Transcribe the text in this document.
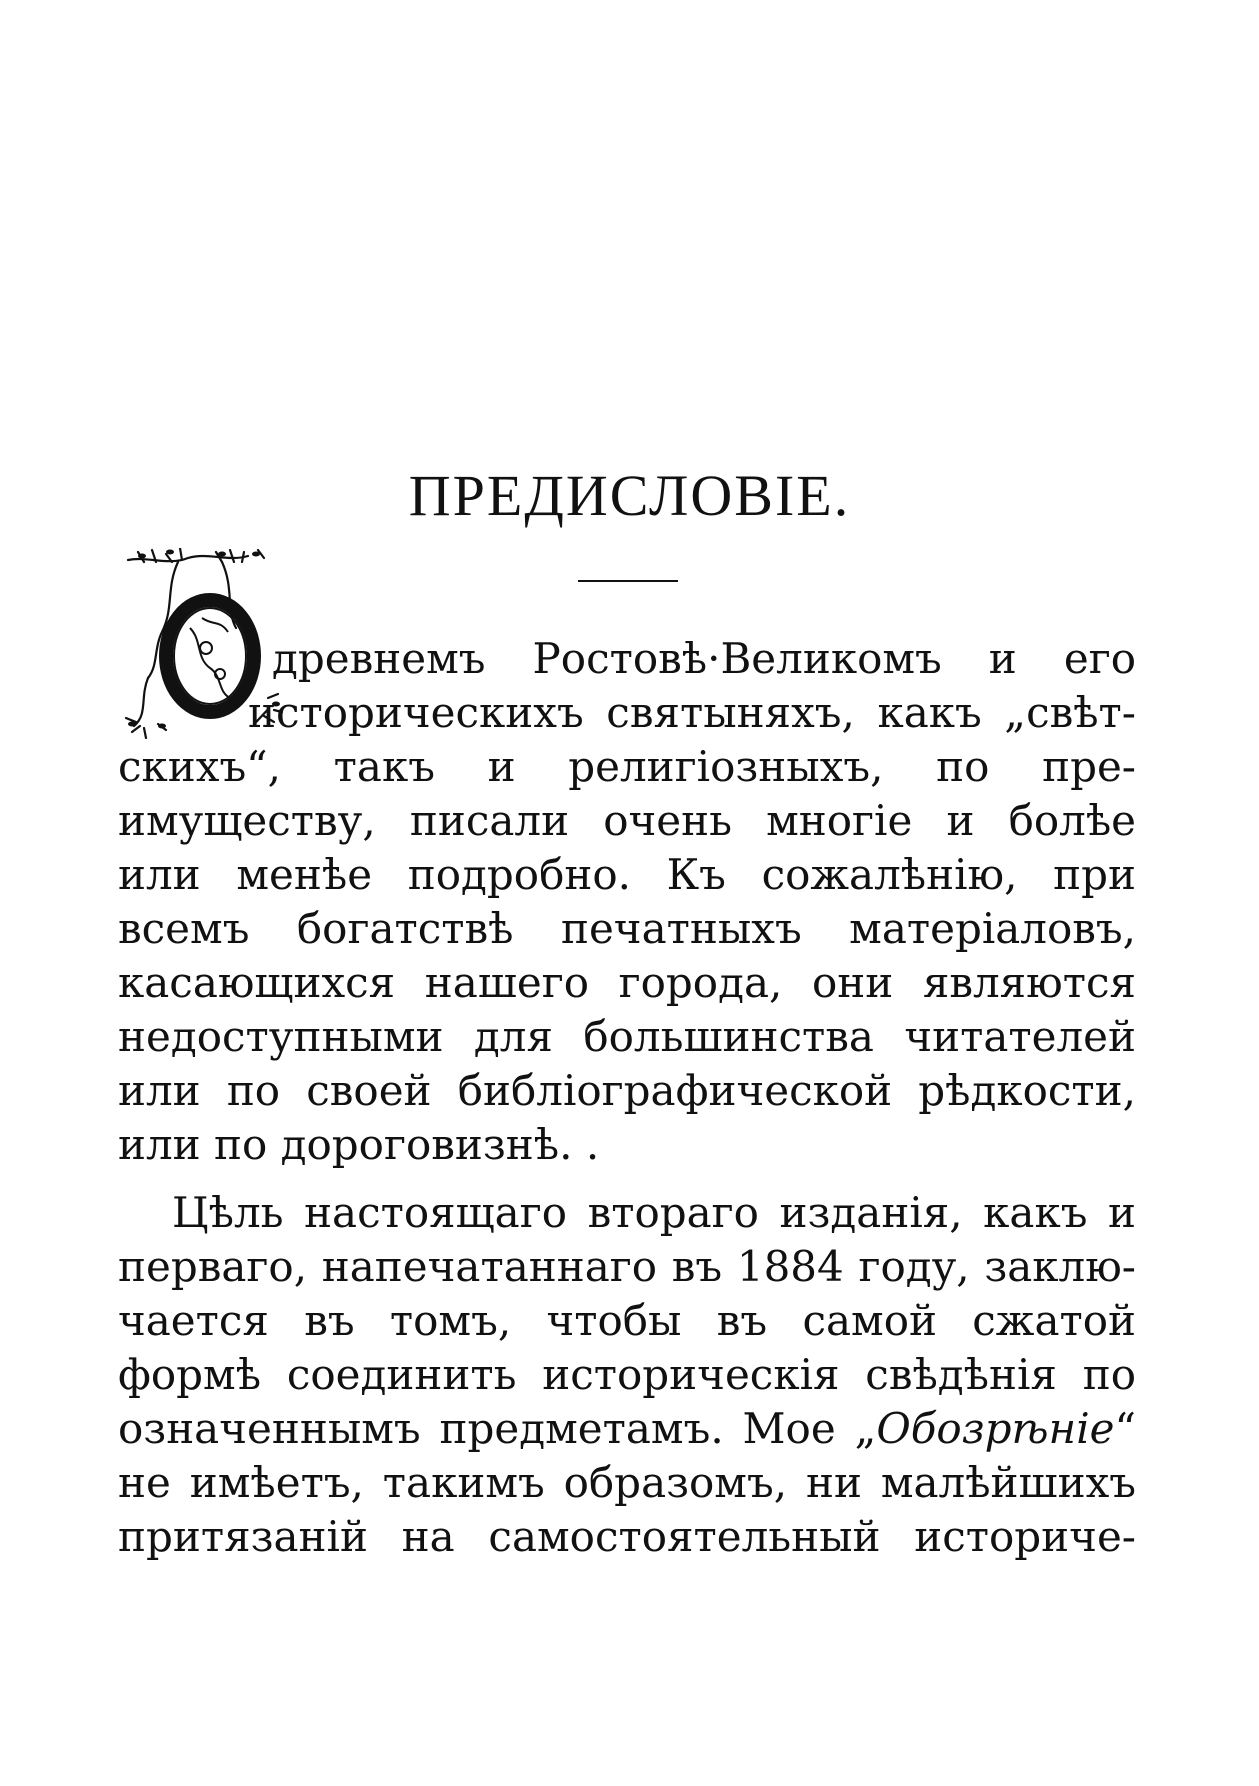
ПРЕДИСЛОВІЕ.

древнемъ Ростовѣ·Великомъ и его

историческихъ святыняхъ, какъ „свѣт-

скихъ“, такъ и религіозныхъ, по пре-

имуществу, писали очень многіе и болѣе

или менѣе подробно. Къ сожалѣнію, при

всемъ богатствѣ печатныхъ матеріаловъ,

касающихся нашего города, они являются

недоступными для большинства читателей

или по своей библіографической рѣдкости,

или по дороговизнѣ. .

Цѣль настоящаго втораго изданія, какъ и

перваго, напечатаннаго въ 1884 году, заклю-

чается въ томъ, чтобы въ самой сжатой

формѣ соединить историческія свѣдѣнія по

означеннымъ предметамъ. Мое „Обозрѣніе“

не имѣетъ, такимъ образомъ, ни малѣйшихъ

притязаній на самостоятельный историче-
